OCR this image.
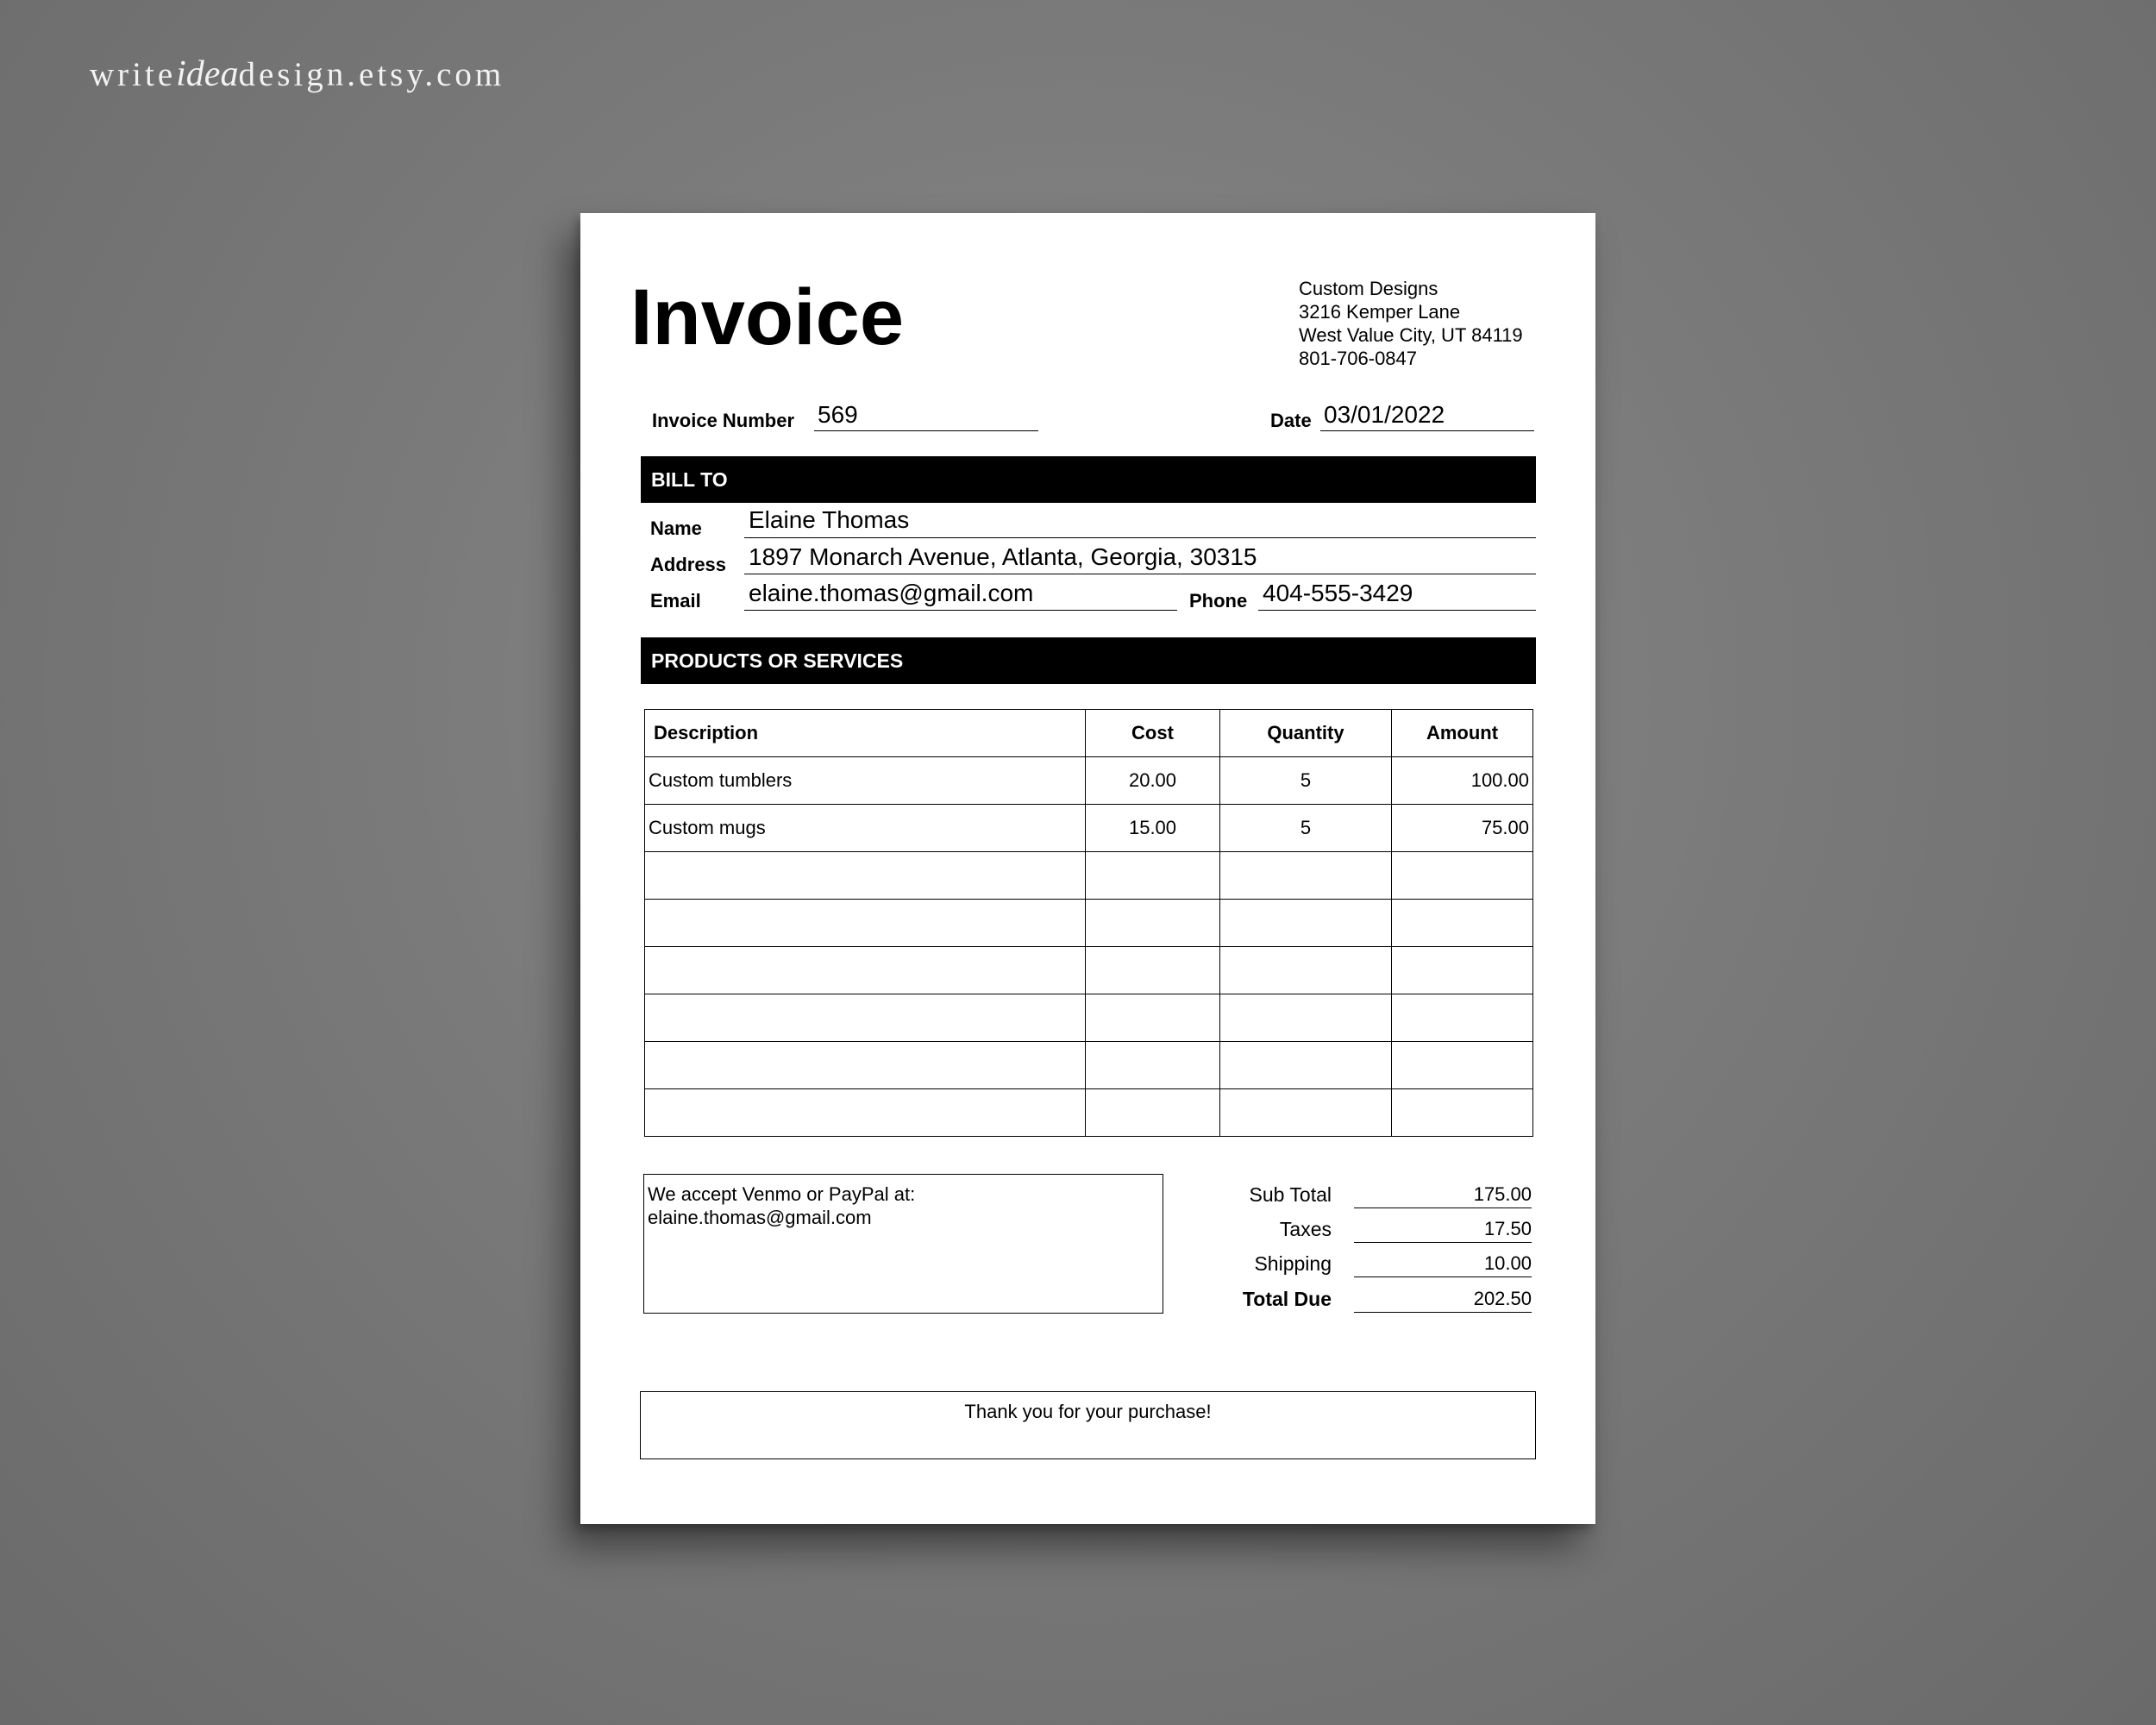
writeideadesign.etsy.com
Invoice	Custom Designs
3216 Kemper Lane
West Value City, UT 84119
801-706-0847
Invoice Number 569	Date 03/01/2022
BILL TO
Name Elaine Thomas
Address 1897 Monarch Avenue, Atlanta, Georgia, 30315
Email elaine.thomas@gmail.com	Phone 404-555-3429
PRODUCTS OR SERVICES
Description	Cost	Quantity	Amount
Custom tumblers	20.00	5	100.00
Custom mugs	15.00	5	75.00

We accept Venmo or PayPal at:
elaine.thomas@gmail.com
Sub Total	175.00
Taxes	17.50
Shipping	10.00
Total Due	202.50
Thank you for your purchase!
